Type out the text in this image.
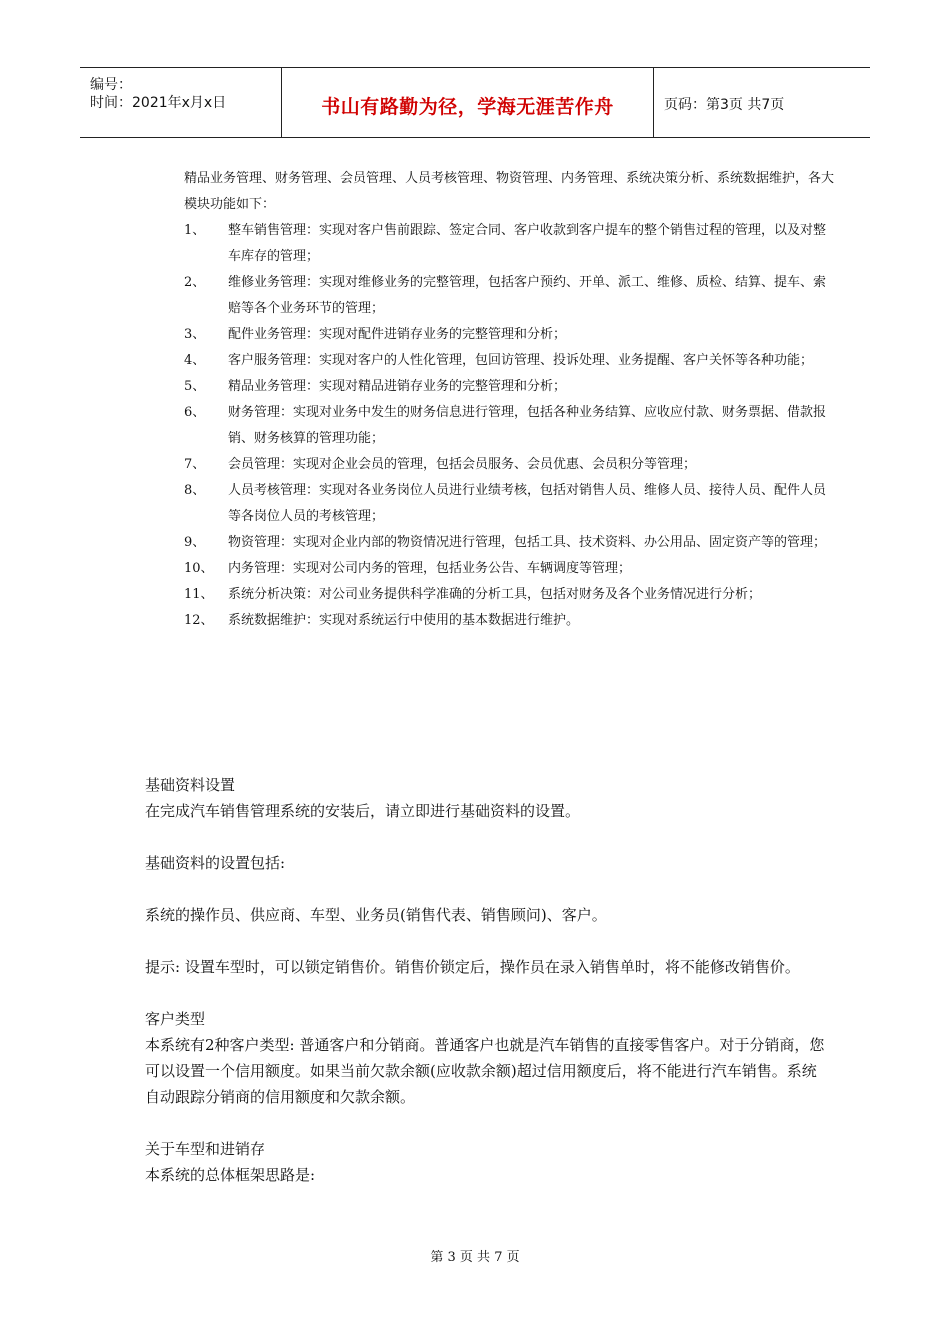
编号：
时间：2021年x月x日	书山有路勤为径，学海无涯苦作舟	页码：第3页 共7页
精品业务管理、财务管理、会员管理、人员考核管理、物资管理、内务管理、系统决策分析、系统数据维护，各大模块功能如下：
1、 整车销售管理：实现对客户售前跟踪、签定合同、客户收款到客户提车的整个销售过程的管理，以及对整车库存的管理；
2、 维修业务管理：实现对维修业务的完整管理，包括客户预约、开单、派工、维修、质检、结算、提车、索赔等各个业务环节的管理；
3、 配件业务管理：实现对配件进销存业务的完整管理和分析；
4、 客户服务管理：实现对客户的人性化管理，包回访管理、投诉处理、业务提醒、客户关怀等各种功能；
5、 精品业务管理：实现对精品进销存业务的完整管理和分析；
6、 财务管理：实现对业务中发生的财务信息进行管理，包括各种业务结算、应收应付款、财务票据、借款报销、财务核算的管理功能；
7、 会员管理：实现对企业会员的管理，包括会员服务、会员优惠、会员积分等管理；
8、 人员考核管理：实现对各业务岗位人员进行业绩考核，包括对销售人员、维修人员、接待人员、配件人员等各岗位人员的考核管理；
9、 物资管理：实现对企业内部的物资情况进行管理，包括工具、技术资料、办公用品、固定资产等的管理；
10、 内务管理：实现对公司内务的管理，包括业务公告、车辆调度等管理；
11、 系统分析决策：对公司业务提供科学准确的分析工具，包括对财务及各个业务情况进行分析；
12、 系统数据维护：实现对系统运行中使用的基本数据进行维护。

基础资料设置

在完成汽车销售管理系统的安装后，请立即进行基础资料的设置。

基础资料的设置包括:

系统的操作员、供应商、车型、业务员(销售代表、销售顾问)、客户。

提示: 设置车型时，可以锁定销售价。销售价锁定后，操作员在录入销售单时，将不能修改销售价。

客户类型

本系统有2种客户类型: 普通客户和分销商。普通客户也就是汽车销售的直接零售客户。对于分销商，您可以设置一个信用额度。如果当前欠款余额(应收款余额)超过信用额度后，将不能进行汽车销售。系统自动跟踪分销商的信用额度和欠款余额。

关于车型和进销存

本系统的总体框架思路是:

第 3 页 共 7 页
